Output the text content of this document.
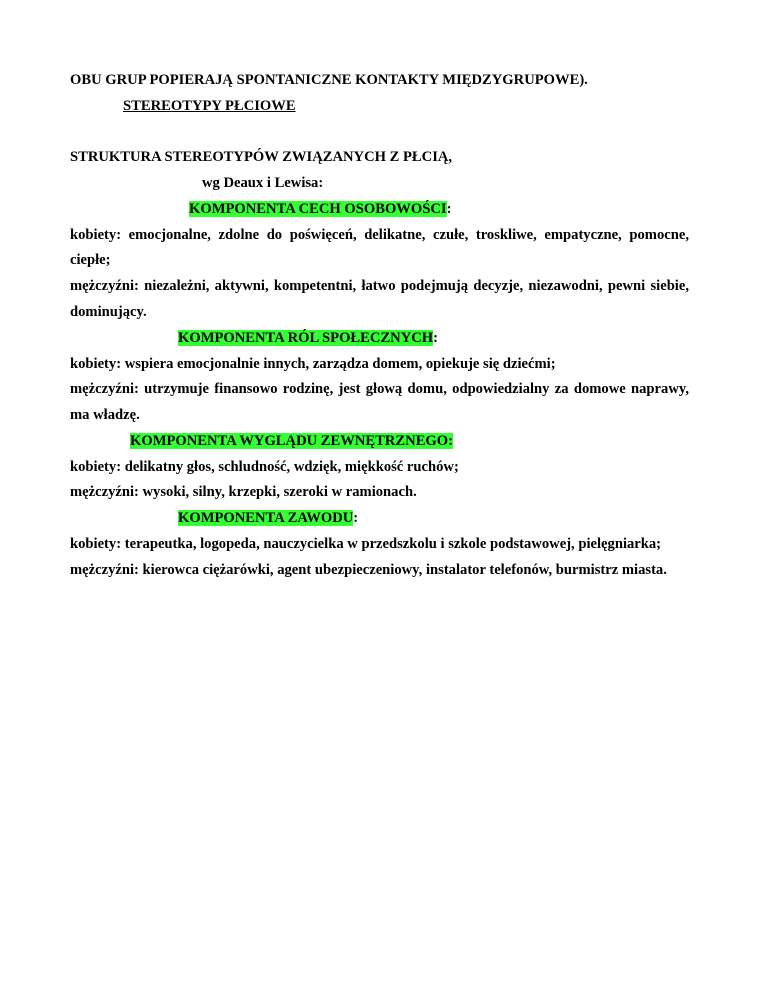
OBU GRUP POPIERAJĄ SPONTANICZNE KONTAKTY MIĘDZYGRUPOWE).
STEREOTYPY PŁCIOWE
STRUKTURA STEREOTYPÓW ZWIĄZANYCH Z PŁCIĄ,
wg Deaux i Lewisa:
KOMPONENTA CECH OSOBOWOŚCI:
kobiety: emocjonalne, zdolne do poświęceń, delikatne, czułe, troskliwe, empatyczne, pomocne,
ciepłe;
mężczyźni: niezależni, aktywni, kompetentni, łatwo podejmują decyzje, niezawodni, pewni siebie,
dominujący.
KOMPONENTA RÓL SPOŁECZNYCH:
kobiety: wspiera emocjonalnie innych, zarządza domem, opiekuje się dziećmi;
mężczyźni: utrzymuje finansowo rodzinę, jest głową domu, odpowiedzialny za domowe naprawy,
ma władzę.
KOMPONENTA WYGLĄDU ZEWNĘTRZNEGO:
kobiety: delikatny głos, schludność, wdzięk, miękkość ruchów;
mężczyźni: wysoki, silny, krzepki, szeroki w ramionach.
KOMPONENTA ZAWODU:
kobiety: terapeutka, logopeda, nauczycielka w przedszkolu i szkole podstawowej, pielęgniarka;
mężczyźni: kierowca ciężarówki, agent ubezpieczeniowy, instalator telefonów, burmistrz miasta.
